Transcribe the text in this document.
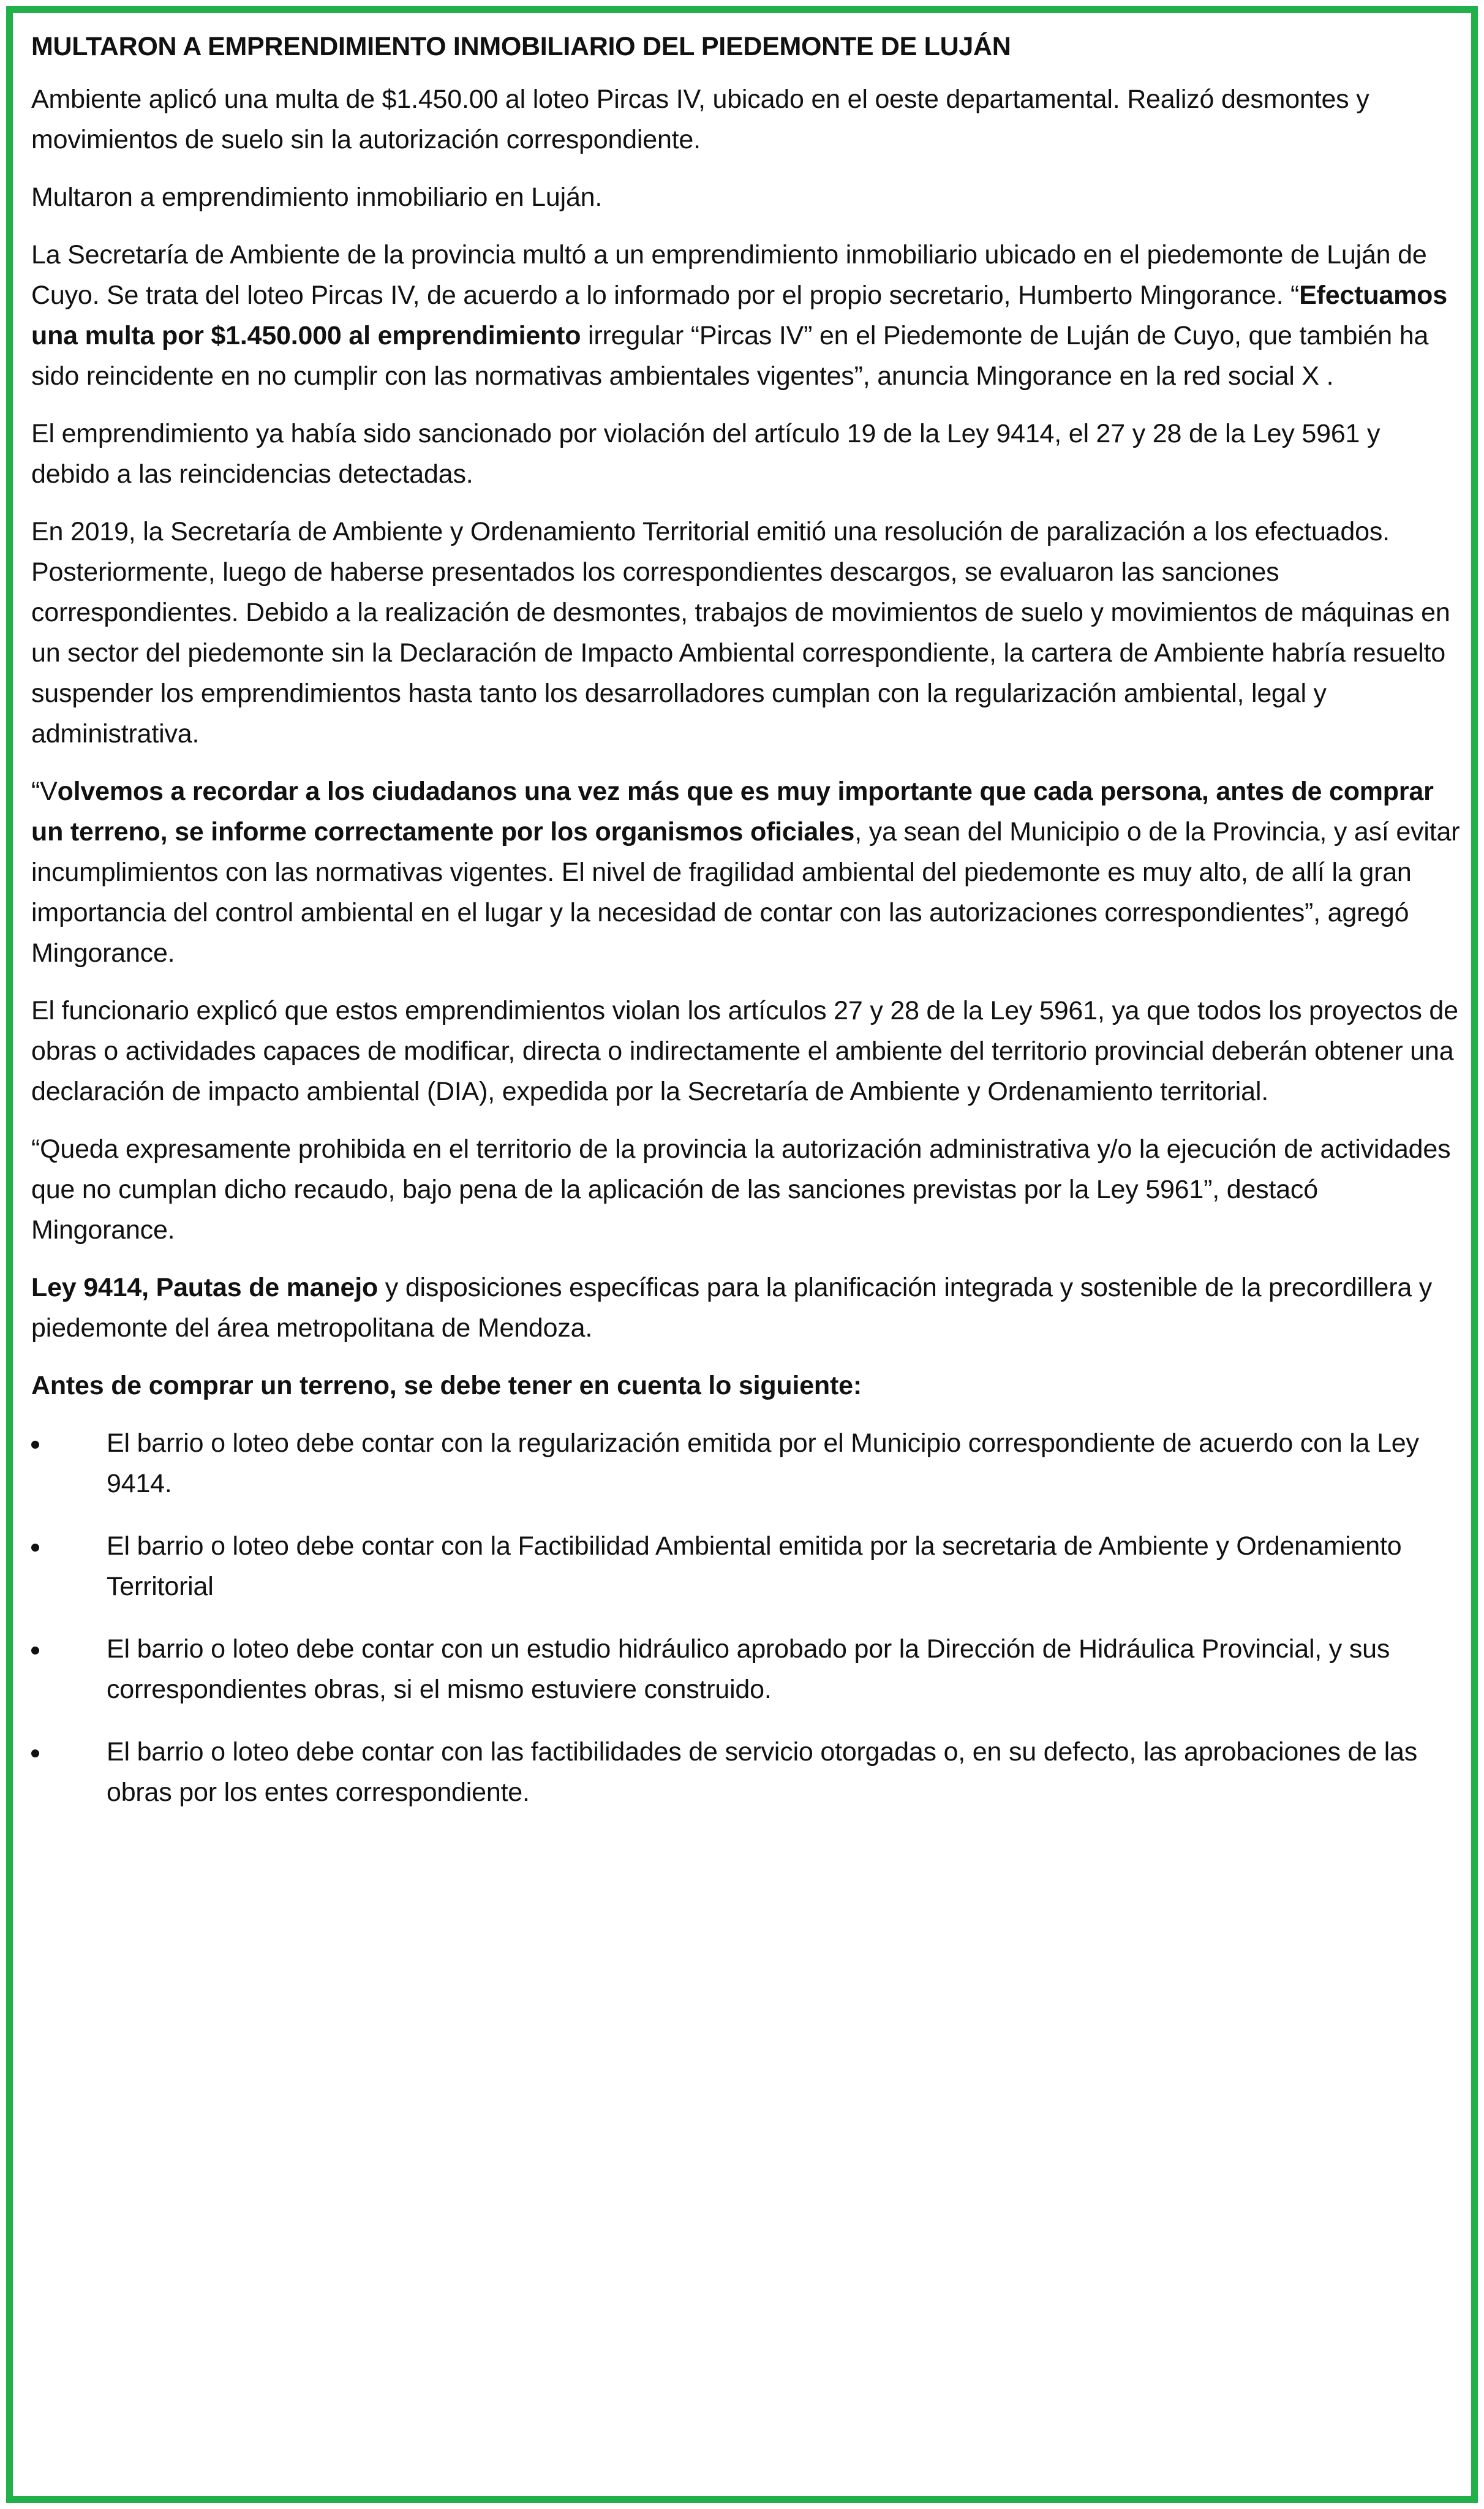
MULTARON A EMPRENDIMIENTO INMOBILIARIO DEL PIEDEMONTE DE LUJÁN

Ambiente aplicó una multa de $1.450.00 al loteo Pircas IV, ubicado en el oeste departamental. Realizó desmontes y movimientos de suelo sin la autorización correspondiente.

Multaron a emprendimiento inmobiliario en Luján.

La Secretaría de Ambiente de la provincia multó a un emprendimiento inmobiliario ubicado en el piedemonte de Luján de Cuyo. Se trata del loteo Pircas IV, de acuerdo a lo informado por el propio secretario, Humberto Mingorance. “Efectuamos una multa por $1.450.000 al emprendimiento irregular “Pircas IV” en el Piedemonte de Luján de Cuyo, que también ha sido reincidente en no cumplir con las normativas ambientales vigentes”, anuncia Mingorance en la red social X .

El emprendimiento ya había sido sancionado por violación del artículo 19 de la Ley 9414, el 27 y 28 de la Ley 5961 y debido a las reincidencias detectadas.

En 2019, la Secretaría de Ambiente y Ordenamiento Territorial emitió una resolución de paralización a los efectuados. Posteriormente, luego de haberse presentados los correspondientes descargos, se evaluaron las sanciones correspondientes. Debido a la realización de desmontes, trabajos de movimientos de suelo y movimientos de máquinas en un sector del piedemonte sin la Declaración de Impacto Ambiental correspondiente, la cartera de Ambiente habría resuelto suspender los emprendimientos hasta tanto los desarrolladores cumplan con la regularización ambiental, legal y administrativa.

“Volvemos a recordar a los ciudadanos una vez más que es muy importante que cada persona, antes de comprar un terreno, se informe correctamente por los organismos oficiales, ya sean del Municipio o de la Provincia, y así evitar incumplimientos con las normativas vigentes. El nivel de fragilidad ambiental del piedemonte es muy alto, de allí la gran importancia del control ambiental en el lugar y la necesidad de contar con las autorizaciones correspondientes”, agregó Mingorance.

El funcionario explicó que estos emprendimientos violan los artículos 27 y 28 de la Ley 5961, ya que todos los proyectos de obras o actividades capaces de modificar, directa o indirectamente el ambiente del territorio provincial deberán obtener una declaración de impacto ambiental (DIA), expedida por la Secretaría de Ambiente y Ordenamiento territorial.

“Queda expresamente prohibida en el territorio de la provincia la autorización administrativa y/o la ejecución de actividades que no cumplan dicho recaudo, bajo pena de la aplicación de las sanciones previstas por la Ley 5961”, destacó Mingorance.

Ley 9414, Pautas de manejo y disposiciones específicas para la planificación integrada y sostenible de la precordillera y piedemonte del área metropolitana de Mendoza.

Antes de comprar un terreno, se debe tener en cuenta lo siguiente:

El barrio o loteo debe contar con la regularización emitida por el Municipio correspondiente de acuerdo con la Ley 9414.
El barrio o loteo debe contar con la Factibilidad Ambiental emitida por la secretaria de Ambiente y Ordenamiento Territorial
El barrio o loteo debe contar con un estudio hidráulico aprobado por la Dirección de Hidráulica Provincial, y sus correspondientes obras, si el mismo estuviere construido.
El barrio o loteo debe contar con las factibilidades de servicio otorgadas o, en su defecto, las aprobaciones de las obras por los entes correspondiente.
